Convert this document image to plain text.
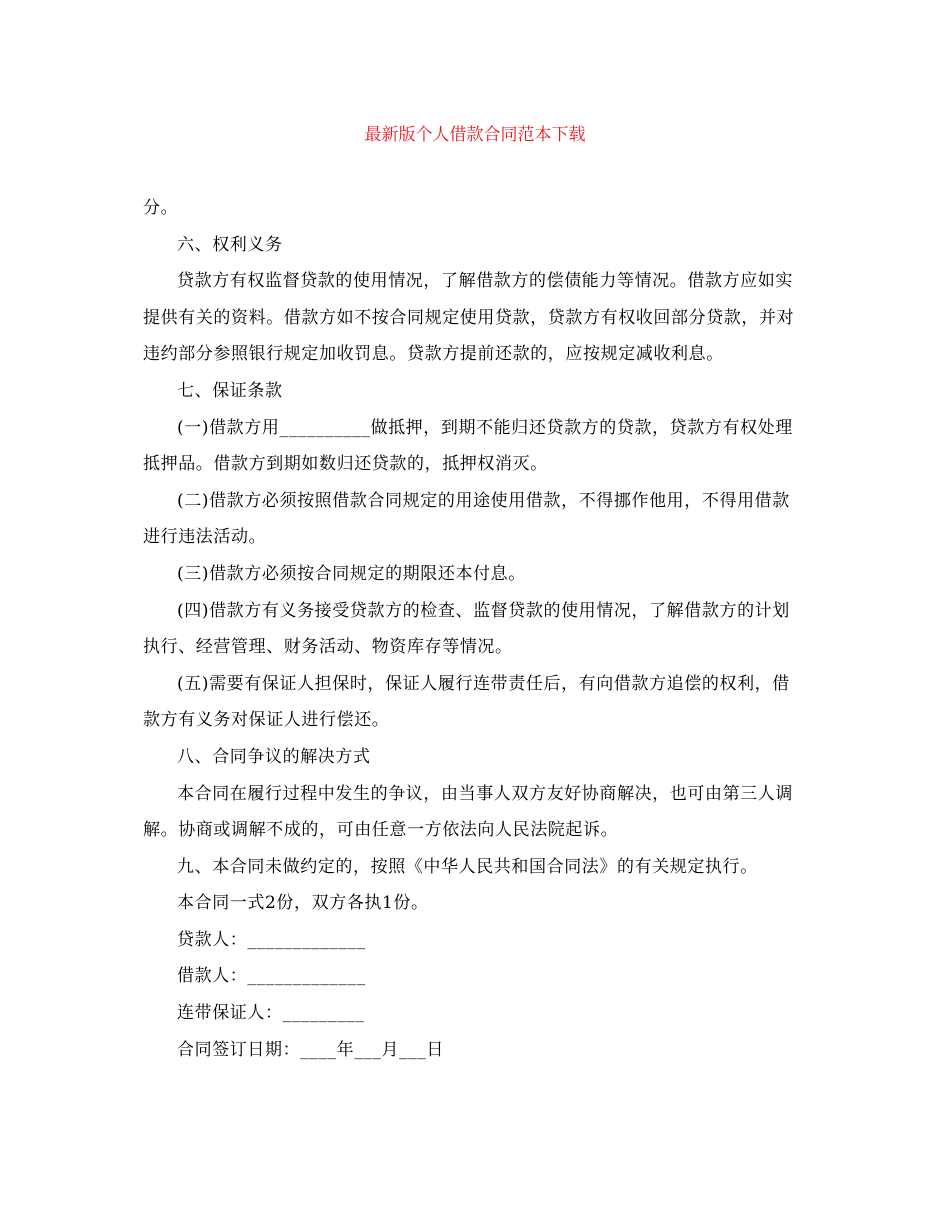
最新版个人借款合同范本下载

分。

六、权利义务

贷款方有权监督贷款的使用情况，了解借款方的偿债能力等情况。借款方应如实提供有关的资料。借款方如不按合同规定使用贷款，贷款方有权收回部分贷款，并对违约部分参照银行规定加收罚息。贷款方提前还款的，应按规定减收利息。

七、保证条款

(一)借款方用__________做抵押，到期不能归还贷款方的贷款，贷款方有权处理抵押品。借款方到期如数归还贷款的，抵押权消灭。

(二)借款方必须按照借款合同规定的用途使用借款，不得挪作他用，不得用借款进行违法活动。

(三)借款方必须按合同规定的期限还本付息。

(四)借款方有义务接受贷款方的检查、监督贷款的使用情况，了解借款方的计划执行、经营管理、财务活动、物资库存等情况。

(五)需要有保证人担保时，保证人履行连带责任后，有向借款方追偿的权利，借款方有义务对保证人进行偿还。

八、合同争议的解决方式

本合同在履行过程中发生的争议，由当事人双方友好协商解决，也可由第三人调解。协商或调解不成的，可由任意一方依法向人民法院起诉。

九、本合同未做约定的，按照《中华人民共和国合同法》的有关规定执行。

本合同一式2份，双方各执1份。

贷款人：_____________

借款人：_____________

连带保证人：_________

合同签订日期：____年___月___日
